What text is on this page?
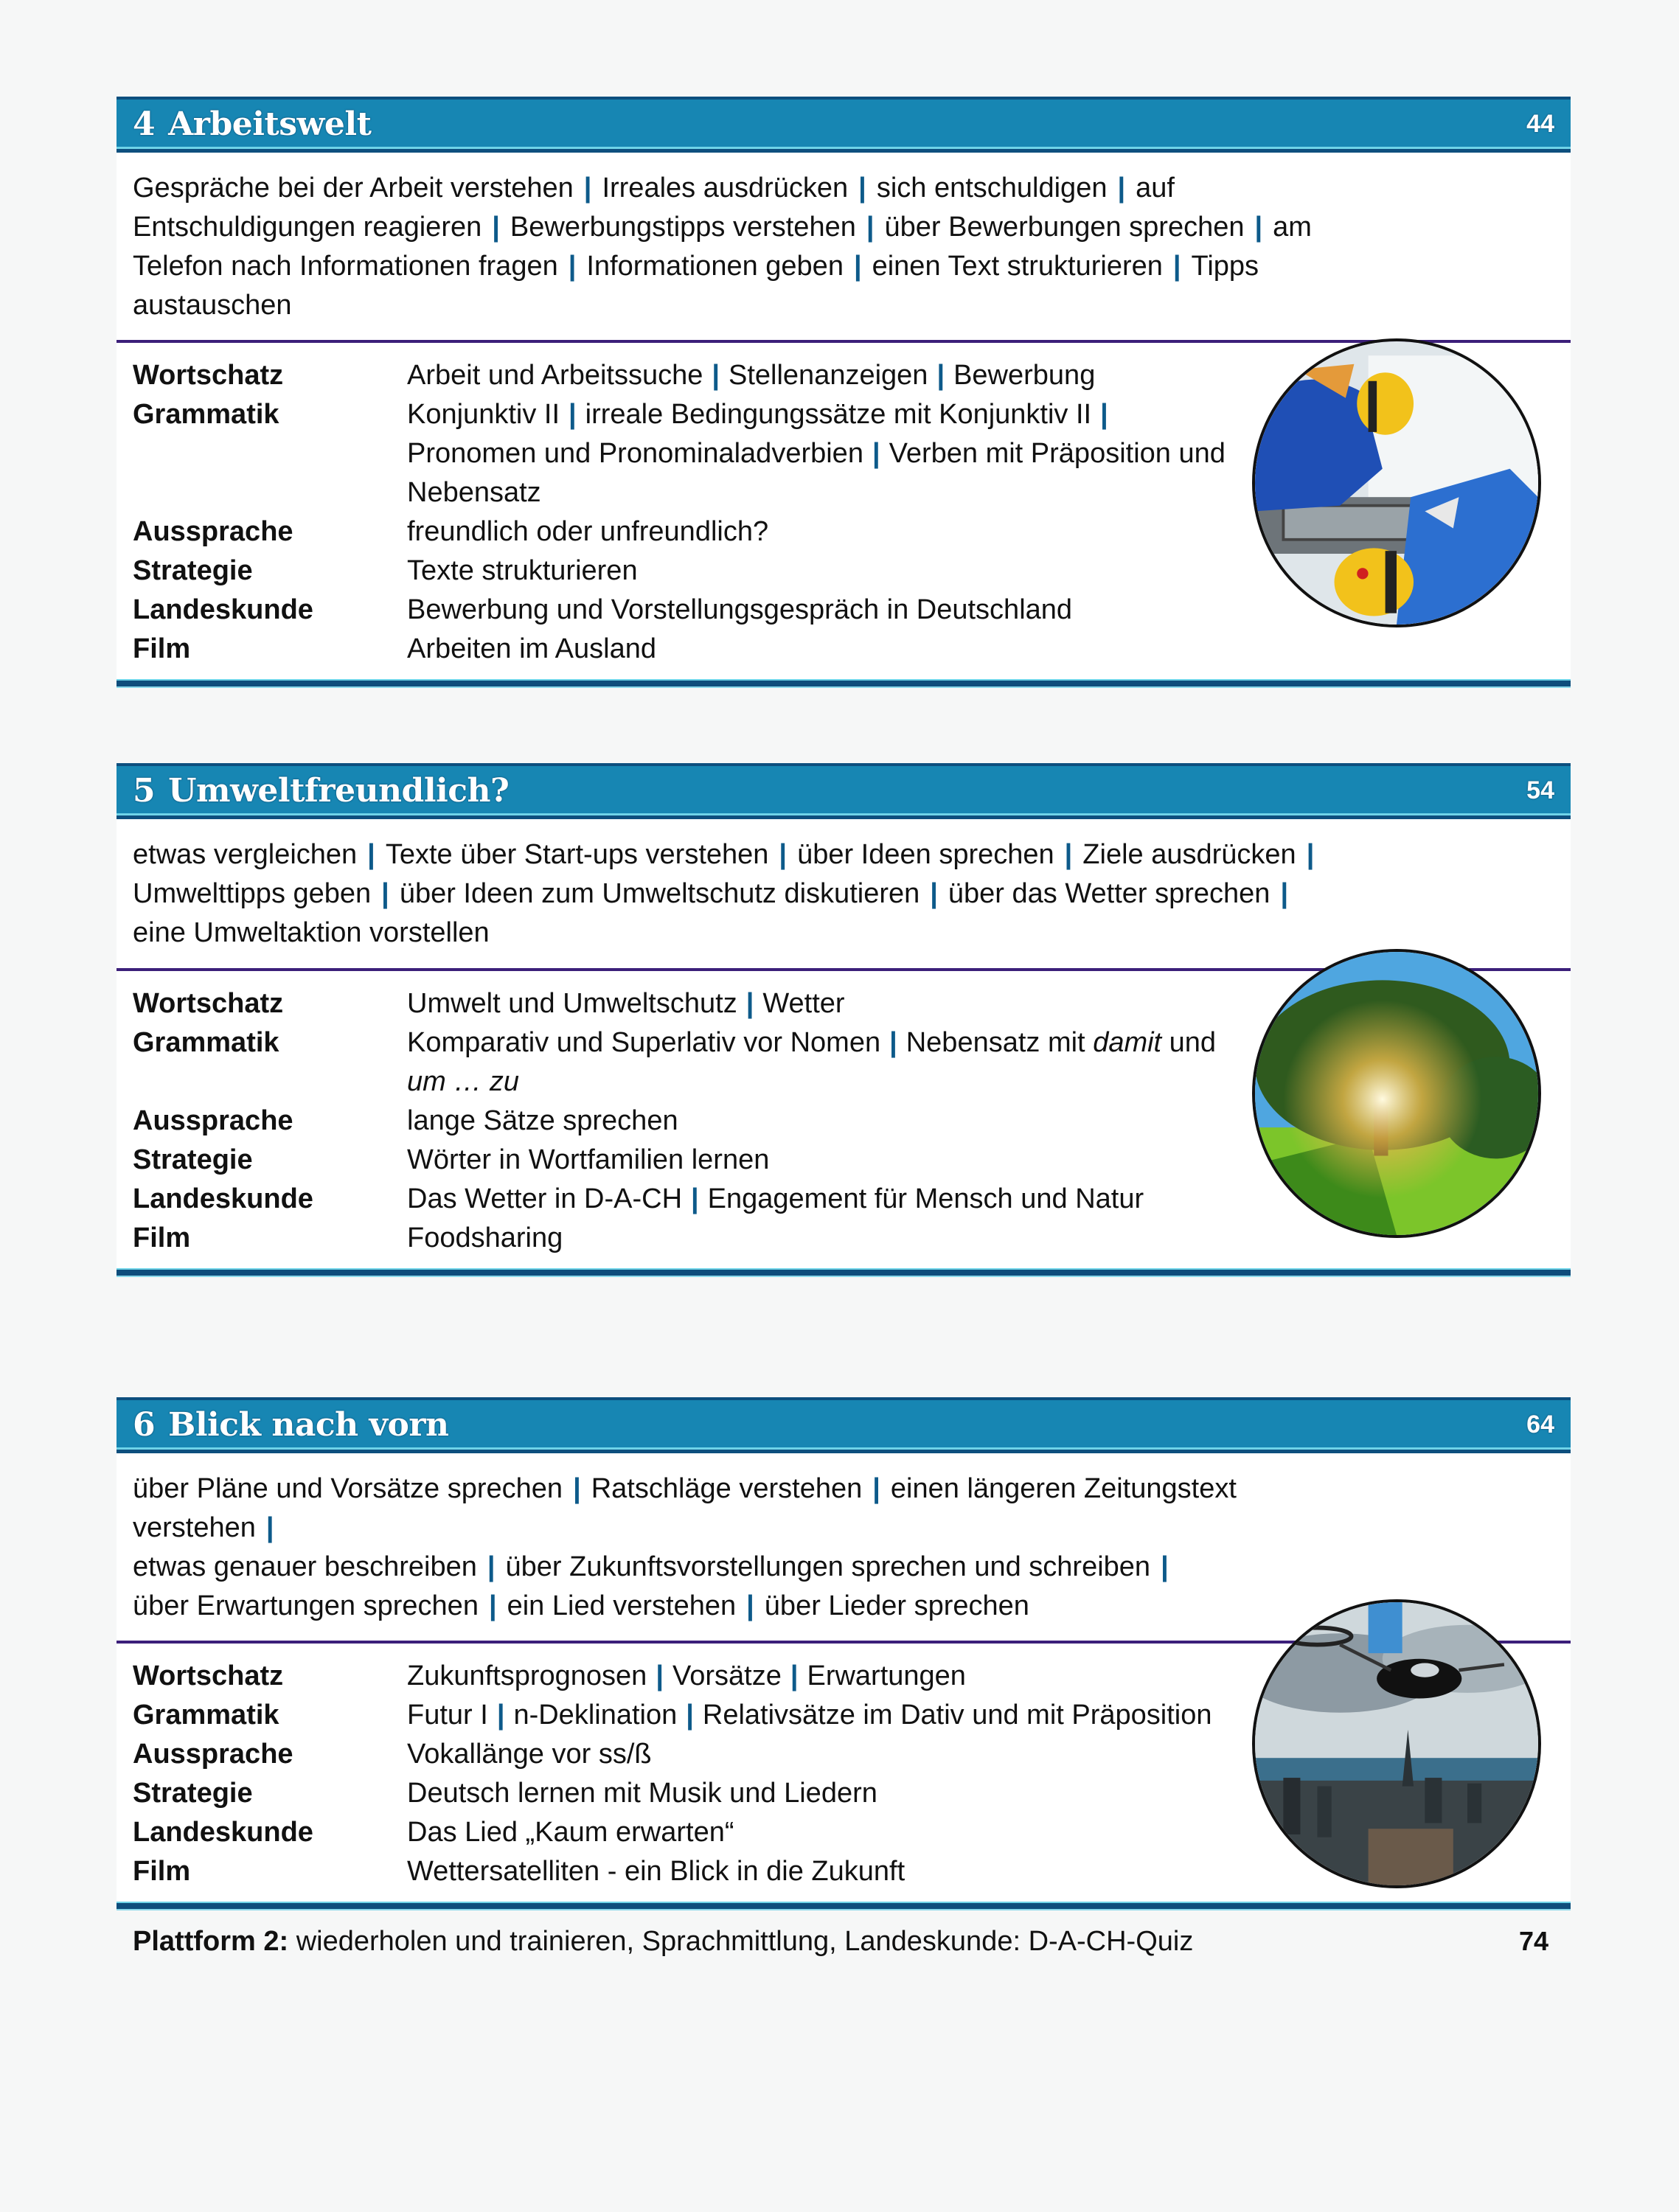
4 Arbeitswelt	44
Gespräche bei der Arbeit verstehen | Irreales ausdrücken | sich entschuldigen | auf Entschuldigungen reagieren | Bewerbungstipps verstehen | über Bewerbungen sprechen | am Telefon nach Informationen fragen | Informationen geben | einen Text strukturieren | Tipps austauschen
Wortschatz	Arbeit und Arbeitssuche | Stellenanzeigen | Bewerbung
Grammatik	Konjunktiv II | irreale Bedingungssätze mit Konjunktiv II |
Pronomen und Pronominaladverbien | Verben mit Präposition und Nebensatz
Aussprache	freundlich oder unfreundlich?
Strategie	Texte strukturieren
Landeskunde	Bewerbung und Vorstellungsgespräch in Deutschland
Film	Arbeiten im Ausland
5 Umweltfreundlich?	54
etwas vergleichen | Texte über Start-ups verstehen | über Ideen sprechen | Ziele ausdrücken |
Umwelttipps geben | über Ideen zum Umweltschutz diskutieren | über das Wetter sprechen |
eine Umweltaktion vorstellen
Wortschatz	Umwelt und Umweltschutz | Wetter
Grammatik	Komparativ und Superlativ vor Nomen | Nebensatz mit damit und um … zu
Aussprache	lange Sätze sprechen
Strategie	Wörter in Wortfamilien lernen
Landeskunde	Das Wetter in D-A-CH | Engagement für Mensch und Natur
Film	Foodsharing
6 Blick nach vorn	64
über Pläne und Vorsätze sprechen | Ratschläge verstehen | einen längeren Zeitungstext verstehen |
etwas genauer beschreiben | über Zukunftsvorstellungen sprechen und schreiben |
über Erwartungen sprechen | ein Lied verstehen | über Lieder sprechen
Wortschatz	Zukunftsprognosen | Vorsätze | Erwartungen
Grammatik	Futur I | n-Deklination | Relativsätze im Dativ und mit Präposition
Aussprache	Vokallänge vor ss/ß
Strategie	Deutsch lernen mit Musik und Liedern
Landeskunde	Das Lied „Kaum erwarten“
Film	Wettersatelliten - ein Blick in die Zukunft
Plattform 2: wiederholen und trainieren, Sprachmittlung, Landeskunde: D-A-CH-Quiz	74
